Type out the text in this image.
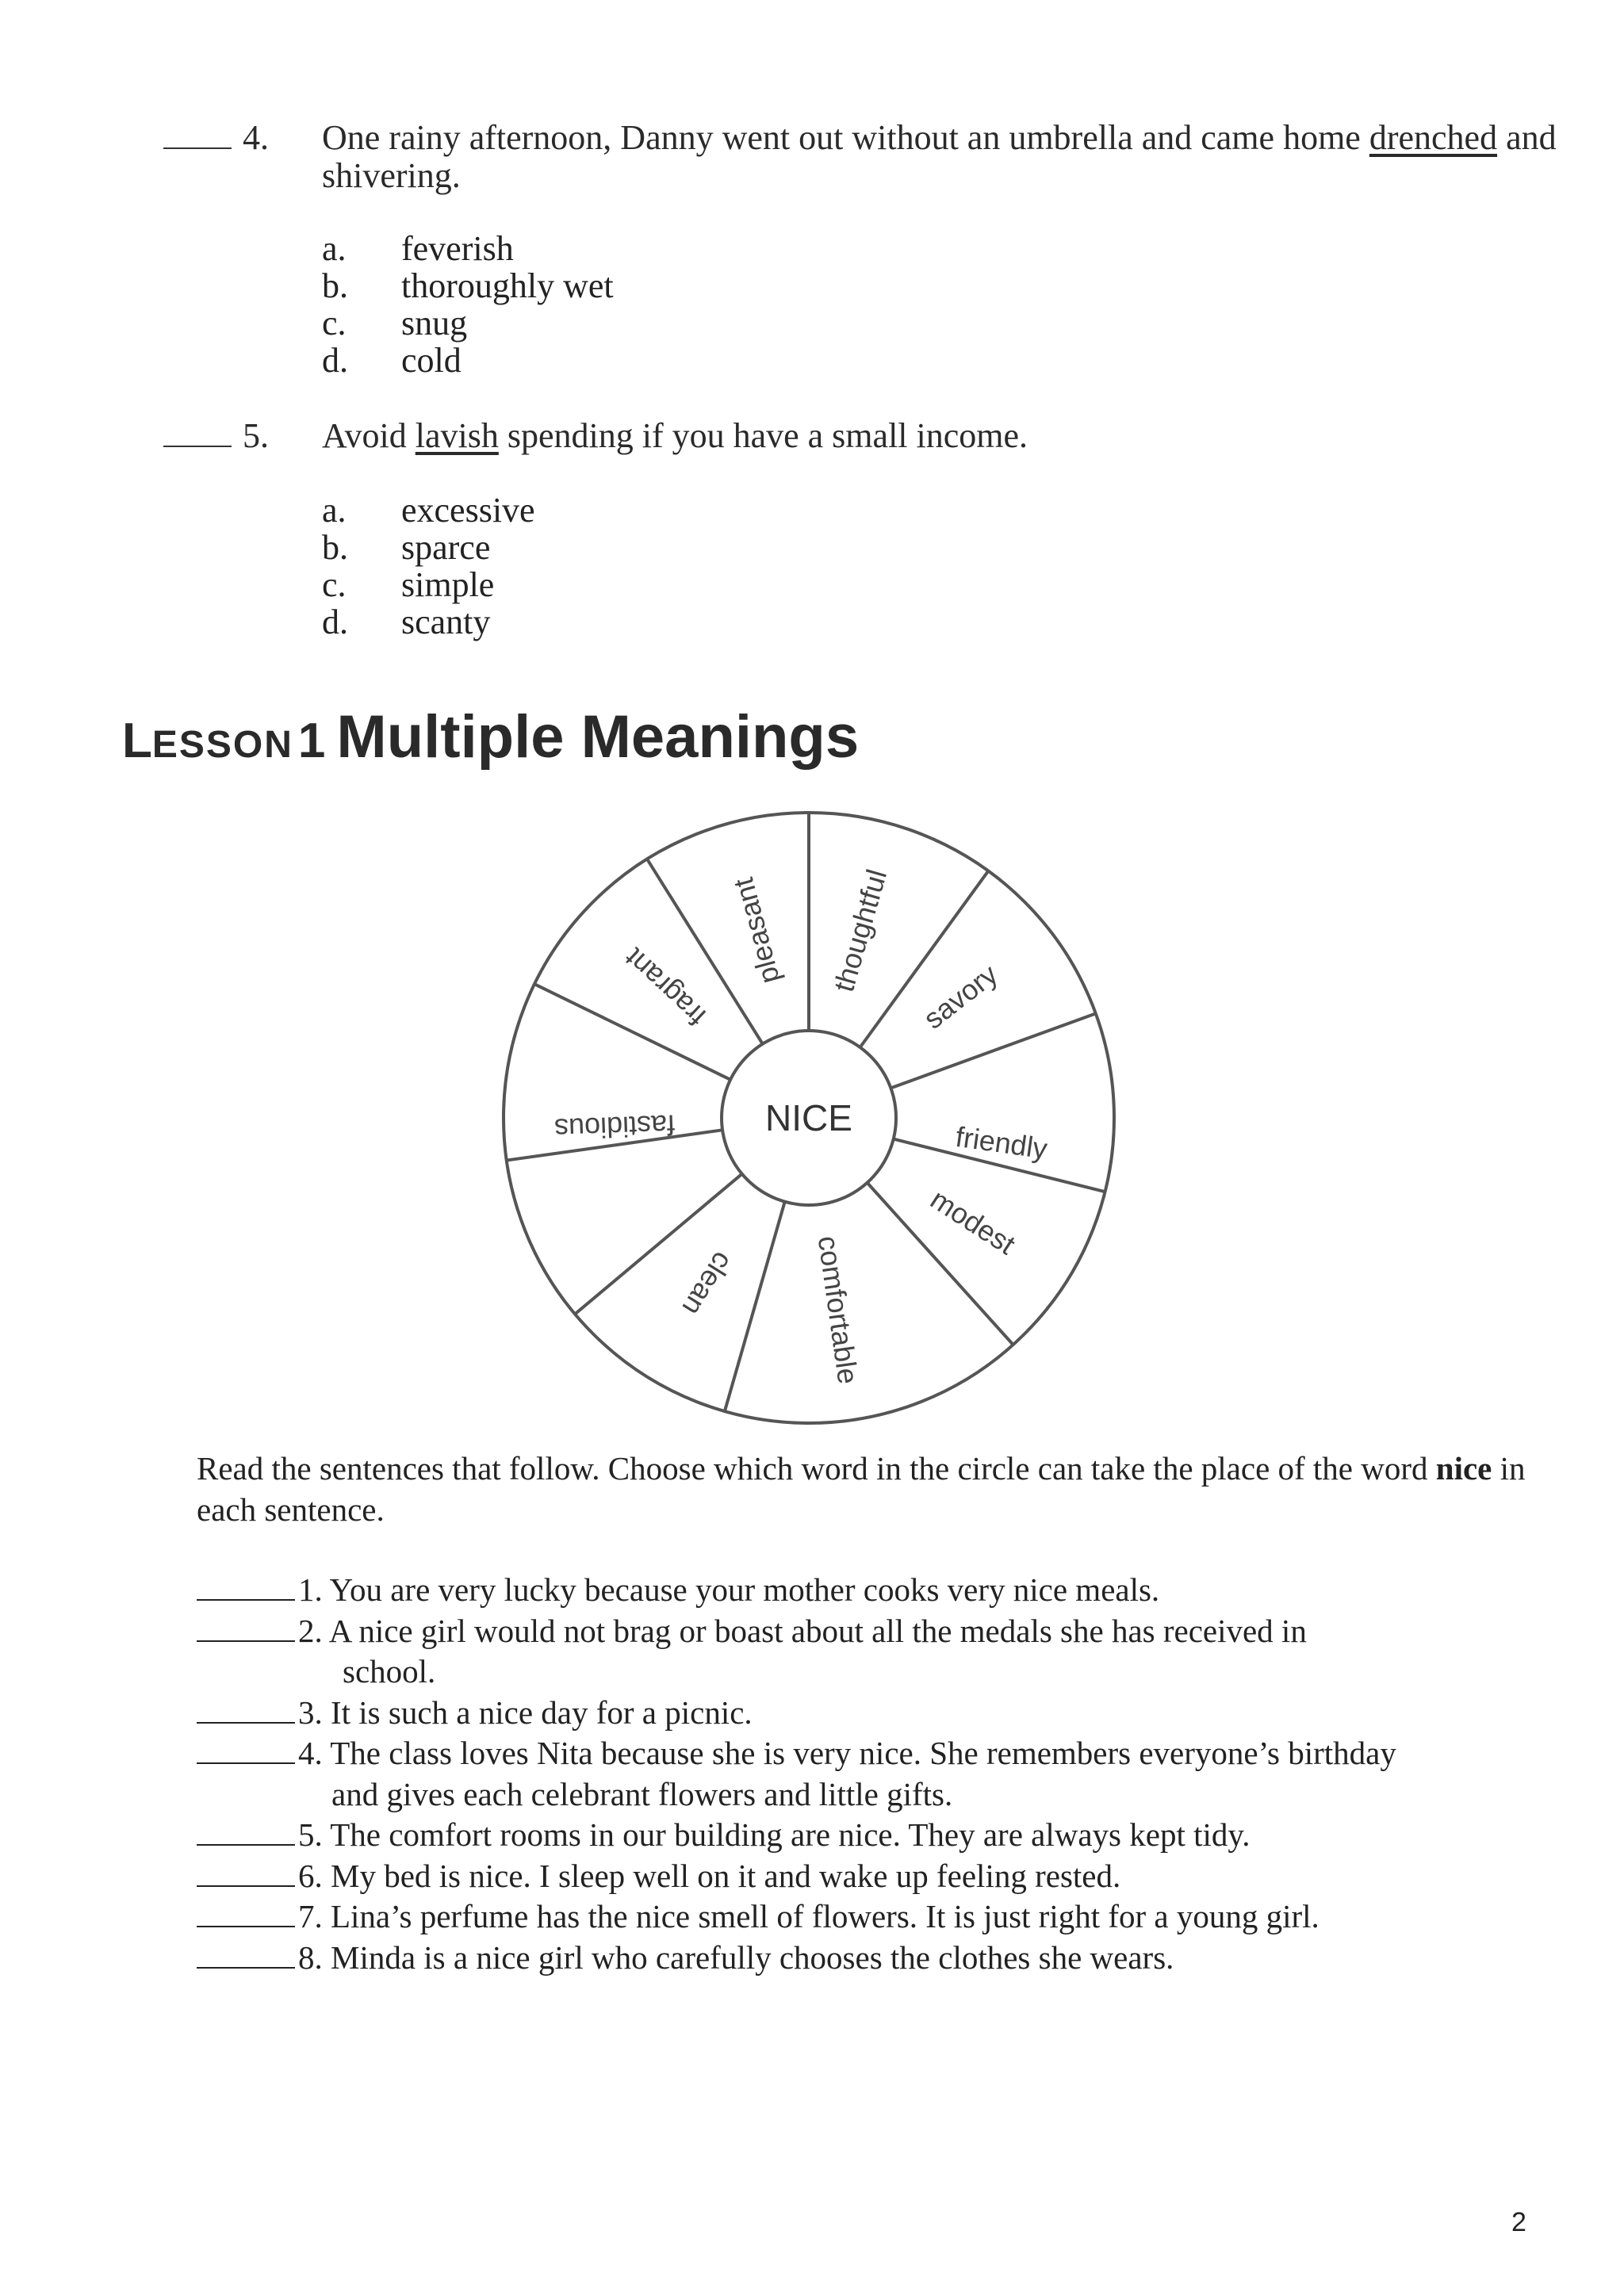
4. One rainy afternoon, Danny went out without an umbrella and came home drenched and shivering.
a. feverish
b. thoroughly wet
c. snug
d. cold
5. Avoid lavish spending if you have a small income.
a. excessive
b. sparce
c. simple
d. scanty
LESSON1 Multiple Meanings
NICE
thoughtful
savory
friendly
modest
comfortable
clean
fastidious
fragrant pleasant
Read the sentences that follow. Choose which word in the circle can take the place of the word nice in each sentence.
1. You are very lucky because your mother cooks very nice meals.
2. A nice girl would not brag or boast about all the medals she has received in
school.
3. It is such a nice day for a picnic.
4. The class loves Nita because she is very nice. She remembers everyone’s birthday
and gives each celebrant flowers and little gifts.
5. The comfort rooms in our building are nice. They are always kept tidy.
6. My bed is nice. I sleep well on it and wake up feeling rested.
7. Lina’s perfume has the nice smell of flowers. It is just right for a young girl.
8. Minda is a nice girl who carefully chooses the clothes she wears.
2
